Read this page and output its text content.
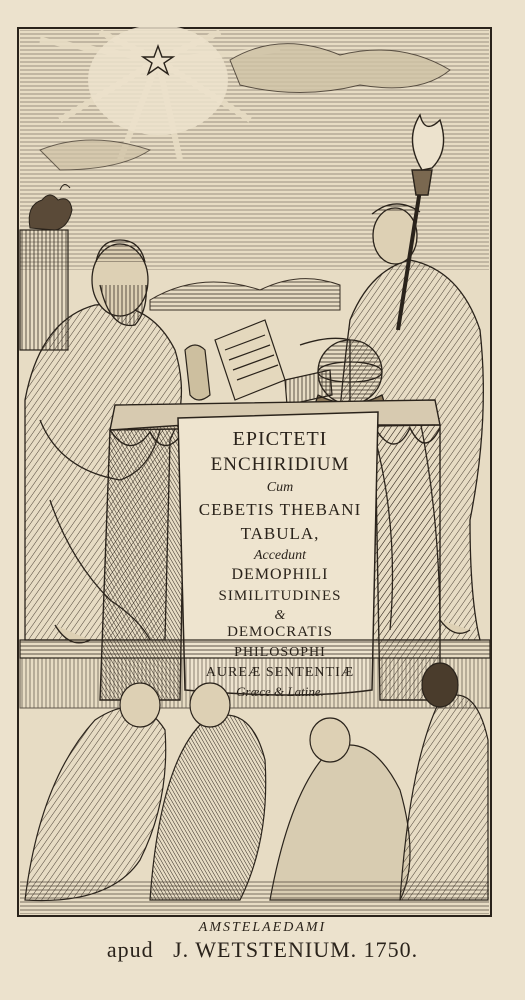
EPICTETI
ENCHIRIDIUM
Cum
CEBETIS THEBANI
TABULA,
Accedunt
DEMOPHILI
SIMILITUDINES
&
DEMOCRATIS
PHILOSOPHI
AUREÆ SENTENTIÆ
Græce & Latine.
AMSTELAEDAMI
apud   J. WETSTENIUM. 1750.
